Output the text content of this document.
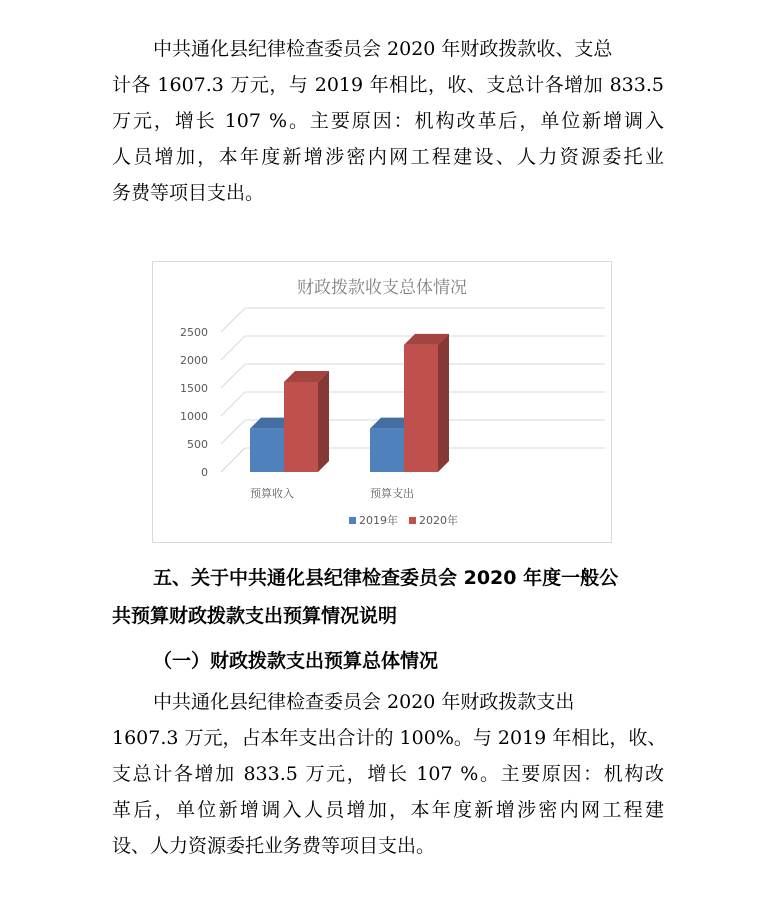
中共通化县纪律检查委员会 2020 年财政拨款收、支总
计各 1607.3 万元，与 2019 年相比，收、支总计各增加 833.5
万元，增长 107 %。主要原因：机构改革后，单位新增调入
人员增加，本年度新增涉密内网工程建设、人力资源委托业
务费等项目支出。
财政拨款收支总体情况
0
500
1000
1500
2000
2500
预算收入	预算支出
2019年 2020年
五、关于中共通化县纪律检查委员会 2020 年度一般公
共预算财政拨款支出预算情况说明
（一）财政拨款支出预算总体情况
中共通化县纪律检查委员会 2020 年财政拨款支出
1607.3 万元，占本年支出合计的 100%。与 2019 年相比，收、
支总计各增加 833.5 万元，增长 107 %。主要原因：机构改
革后，单位新增调入人员增加，本年度新增涉密内网工程建
设、人力资源委托业务费等项目支出。
